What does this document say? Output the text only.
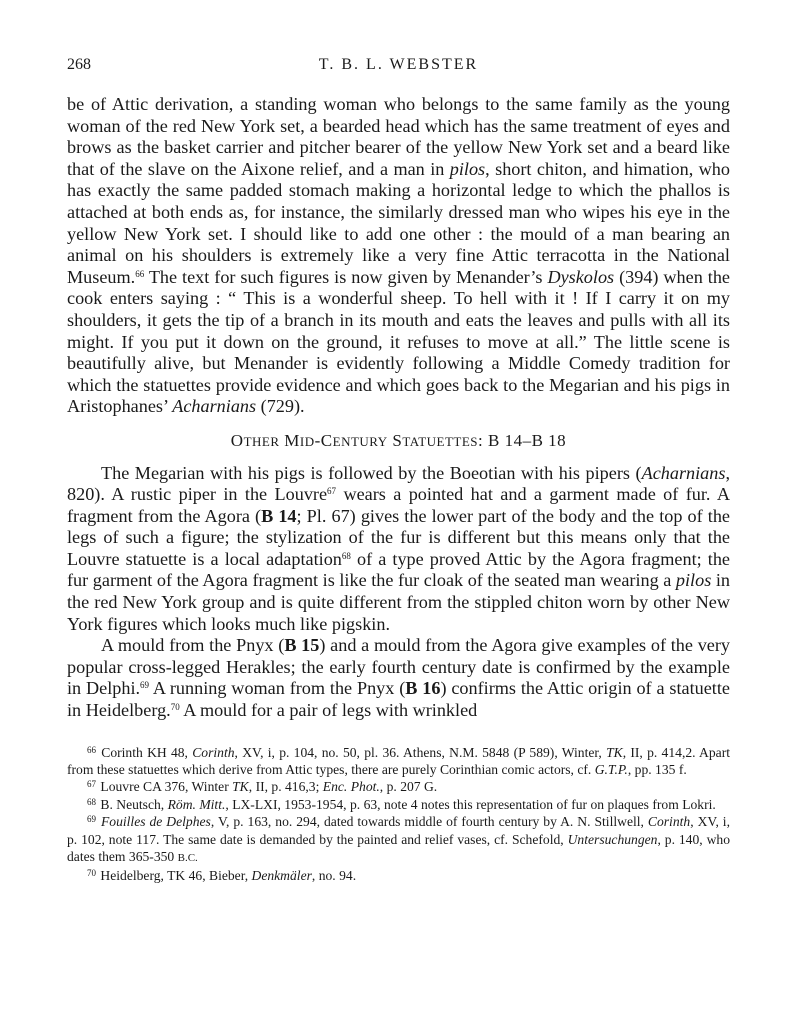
268	T. B. L. WEBSTER

be of Attic derivation, a standing woman who belongs to the same family as the young woman of the red New York set, a bearded head which has the same treatment of eyes and brows as the basket carrier and pitcher bearer of the yellow New York set and a beard like that of the slave on the Aixone relief, and a man in pilos, short chiton, and himation, who has exactly the same padded stomach making a horizontal ledge to which the phallos is attached at both ends as, for instance, the similarly dressed man who wipes his eye in the yellow New York set. I should like to add one other : the mould of a man bearing an animal on his shoulders is extremely like a very fine Attic terracotta in the National Museum.$^{66}$ The text for such figures is now given by Menander’s Dyskolos (394) when the cook enters saying : “ This is a wonderful sheep. To hell with it ! If I carry it on my shoulders, it gets the tip of a branch in its mouth and eats the leaves and pulls with all its might. If you put it down on the ground, it refuses to move at all.” The little scene is beautifully alive, but Menander is evidently following a Middle Comedy tradition for which the statuettes provide evidence and which goes back to the Megarian and his pigs in Aristophanes’ Acharnians (729).

OTHER MID-CENTURY STATUETTES: B 14–B 18

The Megarian with his pigs is followed by the Boeotian with his pipers (Acharnians, 820). A rustic piper in the Louvre$^{67}$ wears a pointed hat and a garment made of fur. A fragment from the Agora (B 14; Pl. 67) gives the lower part of the body and the top of the legs of such a figure; the stylization of the fur is different but this means only that the Louvre statuette is a local adaptation$^{68}$ of a type proved Attic by the Agora fragment; the fur garment of the Agora fragment is like the fur cloak of the seated man wearing a pilos in the red New York group and is quite different from the stippled chiton worn by other New York figures which looks much like pigskin.

A mould from the Pnyx (B 15) and a mould from the Agora give examples of the very popular cross-legged Herakles; the early fourth century date is confirmed by the example in Delphi.$^{69}$ A running woman from the Pnyx (B 16) confirms the Attic origin of a statuette in Heidelberg.$^{70}$ A mould for a pair of legs with wrinkled

$^{66}$ Corinth KH 48, Corinth, XV, i, p. 104, no. 50, pl. 36. Athens, N.M. 5848 (P 589), Winter, TK, II, p. 414,2. Apart from these statuettes which derive from Attic types, there are purely Corinthian comic actors, cf. G.T.P., pp. 135 f.

$^{67}$ Louvre CA 376, Winter TK, II, p. 416,3; Enc. Phot., p. 207 G.

$^{68}$ B. Neutsch, Röm. Mitt., LX-LXI, 1953-1954, p. 63, note 4 notes this representation of fur on plaques from Lokri.

$^{69}$ Fouilles de Delphes, V, p. 163, no. 294, dated towards middle of fourth century by A. N. Stillwell, Corinth, XV, i, p. 102, note 117. The same date is demanded by the painted and relief vases, cf. Schefold, Untersuchungen, p. 140, who dates them 365-350 B.C.

$^{70}$ Heidelberg, TK 46, Bieber, Denkmäler, no. 94.
